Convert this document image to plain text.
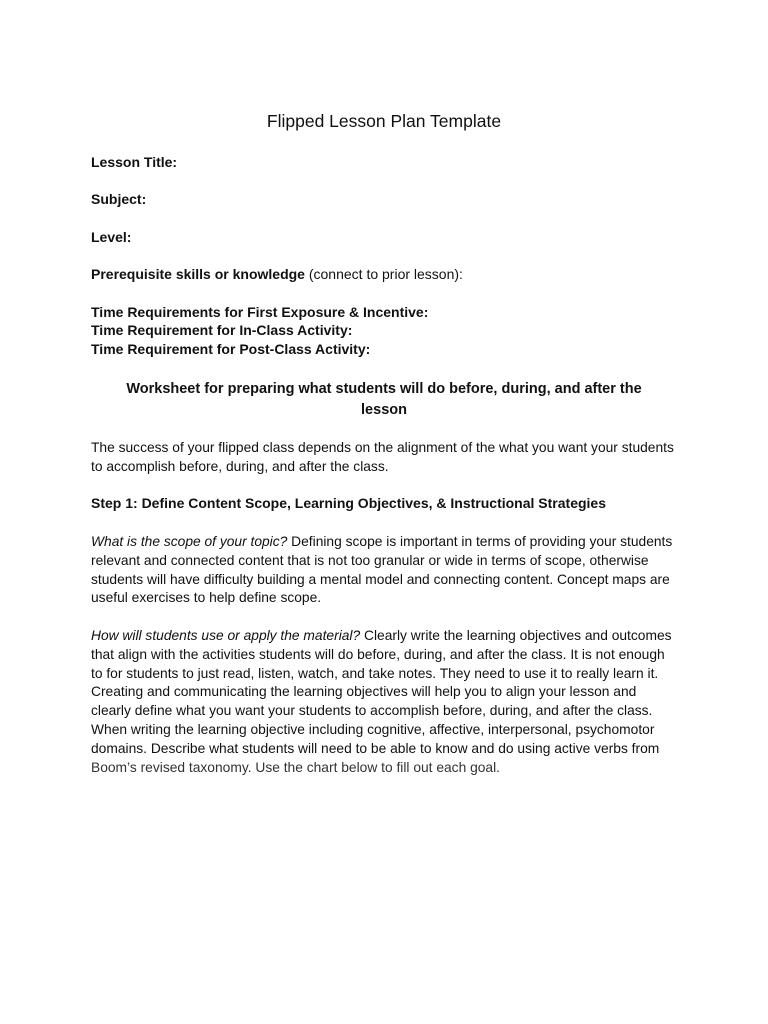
Flipped Lesson Plan Template

Lesson Title:

Subject:

Level:

Prerequisite skills or knowledge (connect to prior lesson):

Time Requirements for First Exposure & Incentive:

Time Requirement for In-Class Activity:

Time Requirement for Post-Class Activity:

Worksheet for preparing what students will do before, during, and after the
lesson

The success of your flipped class depends on the alignment of the what you want your students
to accomplish before, during, and after the class.

Step 1: Define Content Scope, Learning Objectives, & Instructional Strategies

What is the scope of your topic? Defining scope is important in terms of providing your students
relevant and connected content that is not too granular or wide in terms of scope, otherwise
students will have difficulty building a mental model and connecting content. Concept maps are
useful exercises to help define scope.

How will students use or apply the material? Clearly write the learning objectives and outcomes
that align with the activities students will do before, during, and after the class. It is not enough
to for students to just read, listen, watch, and take notes. They need to use it to really learn it.
Creating and communicating the learning objectives will help you to align your lesson and
clearly define what you want your students to accomplish before, during, and after the class.
When writing the learning objective including cognitive, affective, interpersonal, psychomotor
domains. Describe what students will need to be able to know and do using active verbs from
Boom’s revised taxonomy. Use the chart below to fill out each goal.
